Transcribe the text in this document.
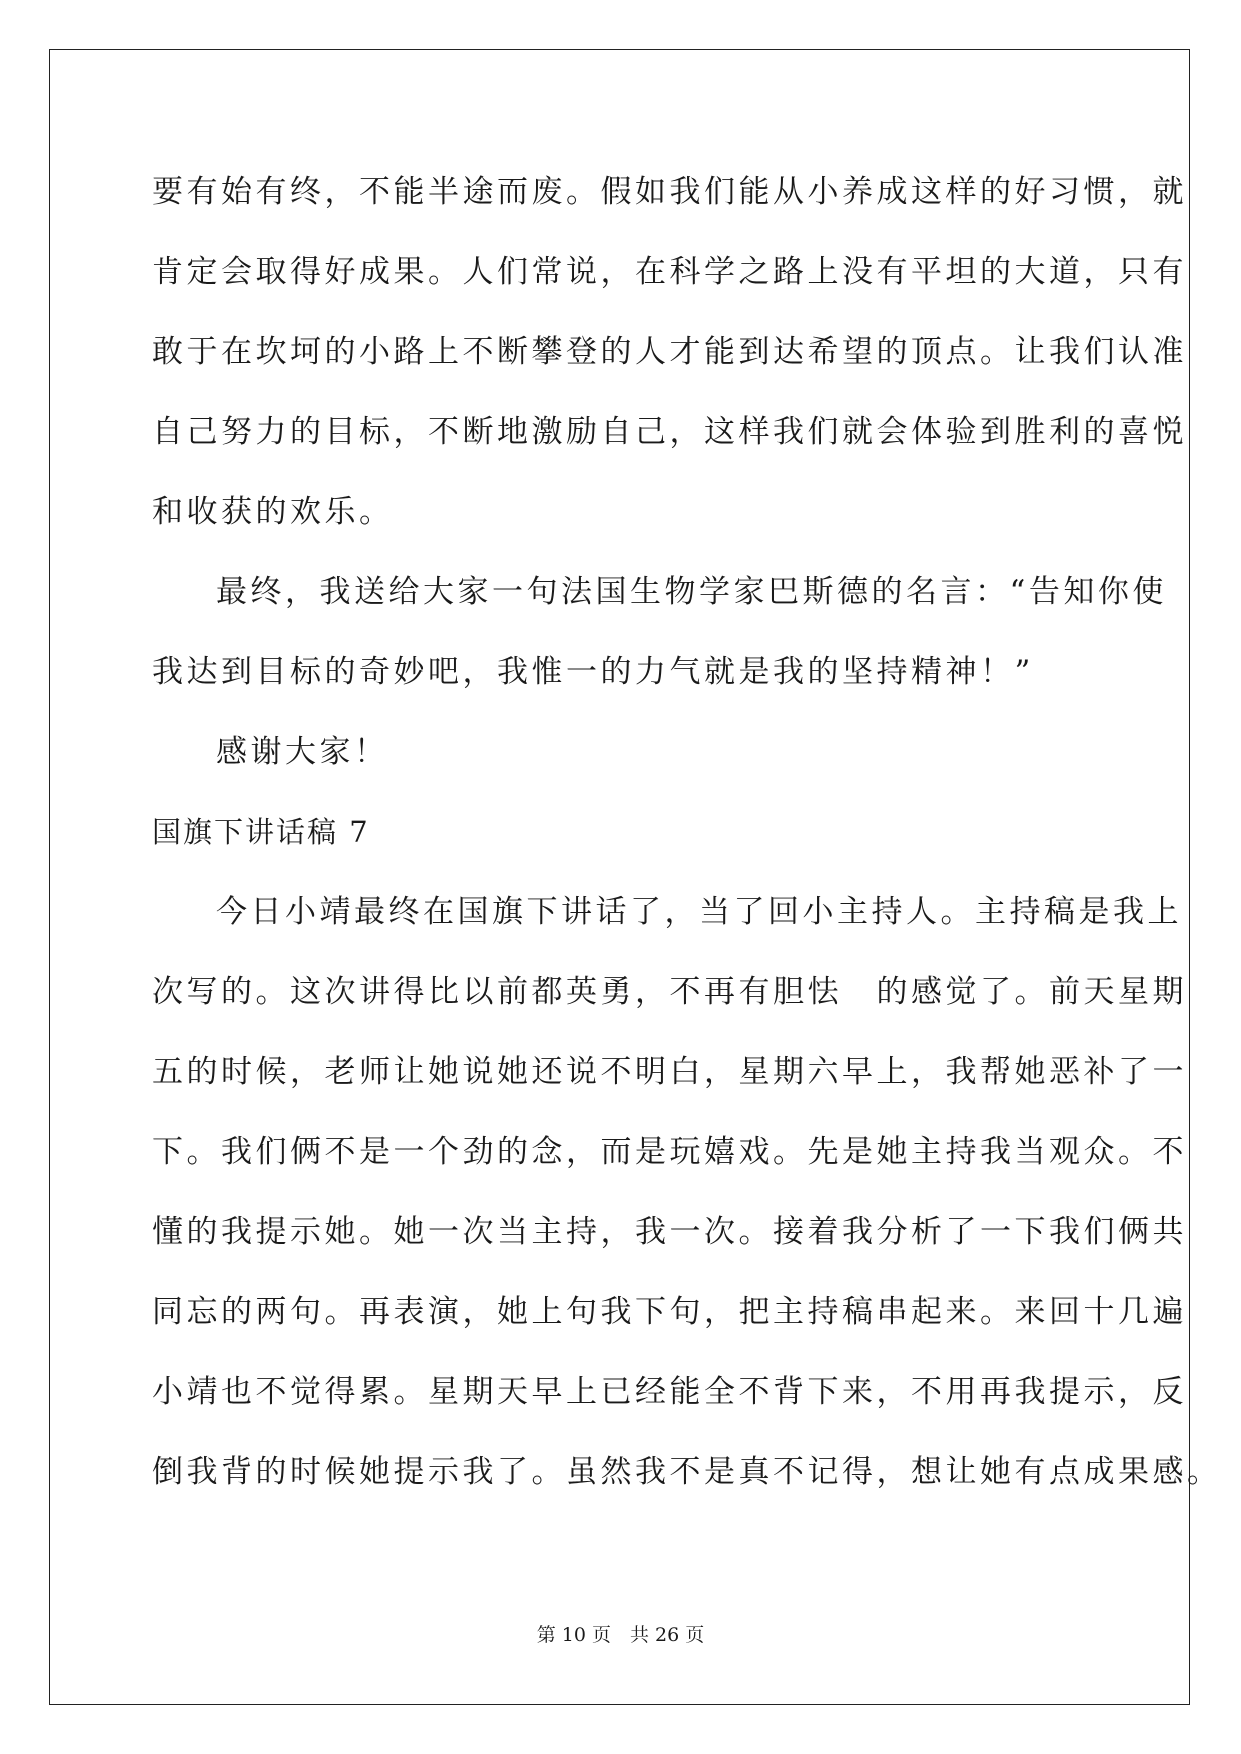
要有始有终，不能半途而废。假如我们能从小养成这样的好习惯，就
肯定会取得好成果。人们常说，在科学之路上没有平坦的大道，只有
敢于在坎坷的小路上不断攀登的人才能到达希望的顶点。让我们认准
自己努力的目标，不断地激励自己，这样我们就会体验到胜利的喜悦
和收获的欢乐。
最终，我送给大家一句法国生物学家巴斯德的名言：“告知你使
我达到目标的奇妙吧，我惟一的力气就是我的坚持精神！”
感谢大家！
国旗下讲话稿 7
今日小靖最终在国旗下讲话了，当了回小主持人。主持稿是我上
次写的。这次讲得比以前都英勇，不再有胆怯　的感觉了。前天星期
五的时候，老师让她说她还说不明白，星期六早上，我帮她恶补了一
下。我们俩不是一个劲的念，而是玩嬉戏。先是她主持我当观众。不
懂的我提示她。她一次当主持，我一次。接着我分析了一下我们俩共
同忘的两句。再表演，她上句我下句，把主持稿串起来。来回十几遍
小靖也不觉得累。星期天早上已经能全不背下来，不用再我提示，反
倒我背的时候她提示我了。虽然我不是真不记得，想让她有点成果感。
第 10 页　共 26 页
